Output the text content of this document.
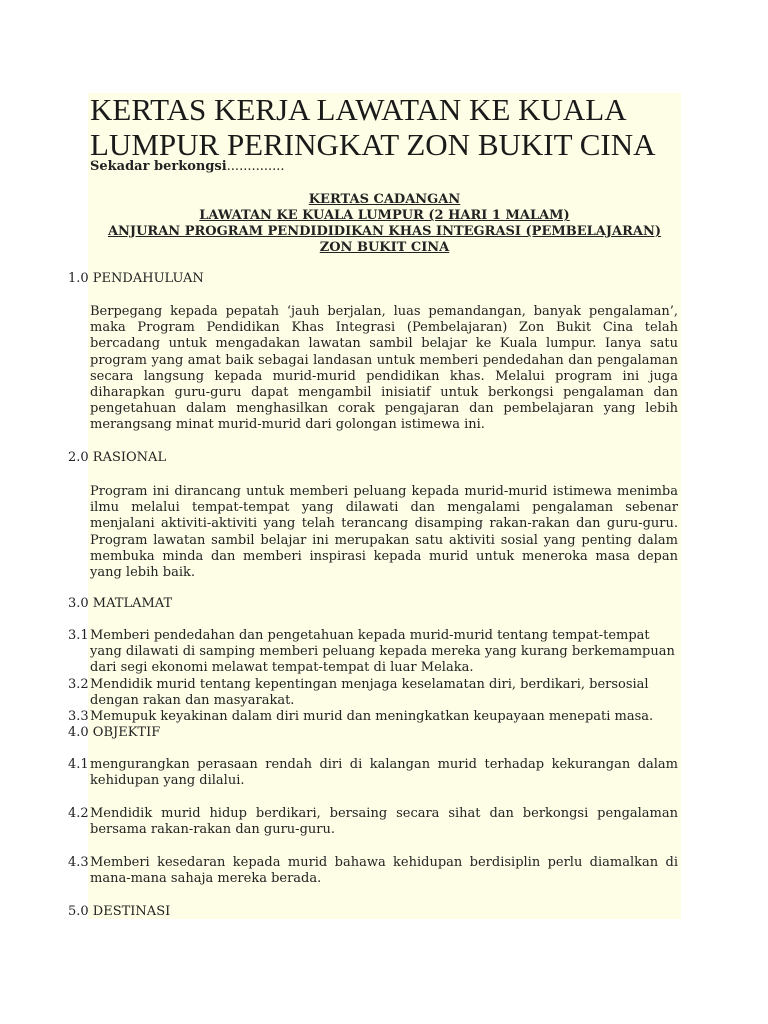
KERTAS KERJA LAWATAN KE KUALA LUMPUR PERINGKAT ZON BUKIT CINA
Sekadar berkongsi..............
KERTAS CADANGAN
LAWATAN KE KUALA LUMPUR (2 HARI 1 MALAM)
ANJURAN PROGRAM PENDIDIDIKAN KHAS INTEGRASI (PEMBELAJARAN)
ZON BUKIT CINA
1.0 PENDAHULUAN

Berpegang kepada pepatah ‘jauh berjalan, luas pemandangan, banyak pengalaman’, maka Program Pendidikan Khas Integrasi (Pembelajaran) Zon Bukit Cina telah bercadang untuk mengadakan lawatan sambil belajar ke Kuala lumpur. Ianya satu program yang amat baik sebagai landasan untuk memberi pendedahan dan pengalaman secara langsung kepada murid-murid pendidikan khas. Melalui program ini juga diharapkan guru-guru dapat mengambil inisiatif untuk berkongsi pengalaman dan pengetahuan dalam menghasilkan corak pengajaran dan pembelajaran yang lebih merangsang minat murid-murid dari golongan istimewa ini.

2.0 RASIONAL

Program ini dirancang untuk memberi peluang kepada murid-murid istimewa menimba ilmu melalui tempat-tempat yang dilawati dan mengalami pengalaman sebenar menjalani aktiviti-aktiviti yang telah terancang disamping rakan-rakan dan guru-guru. Program lawatan sambil belajar ini merupakan satu aktiviti sosial yang penting dalam membuka minda dan memberi inspirasi kepada murid untuk meneroka masa depan yang lebih baik.

3.0 MATLAMAT
3.1 Memberi pendedahan dan pengetahuan kepada murid-murid tentang tempat-tempat yang dilawati di samping memberi peluang kepada mereka yang kurang berkemampuan dari segi ekonomi melawat tempat-tempat di luar Melaka.
3.2 Mendidik murid tentang kepentingan menjaga keselamatan diri, berdikari, bersosial dengan rakan dan masyarakat.
3.3 Memupuk keyakinan dalam diri murid dan meningkatkan keupayaan menepati masa.
4.0 OBJEKTIF
4.1 mengurangkan perasaan rendah diri di kalangan murid terhadap kekurangan dalam kehidupan yang dilalui.
4.2 Mendidik murid hidup berdikari, bersaing secara sihat dan berkongsi pengalaman bersama rakan-rakan dan guru-guru.
4.3 Memberi kesedaran kepada murid bahawa kehidupan berdisiplin perlu diamalkan di mana-mana sahaja mereka berada.
5.0 DESTINASI
